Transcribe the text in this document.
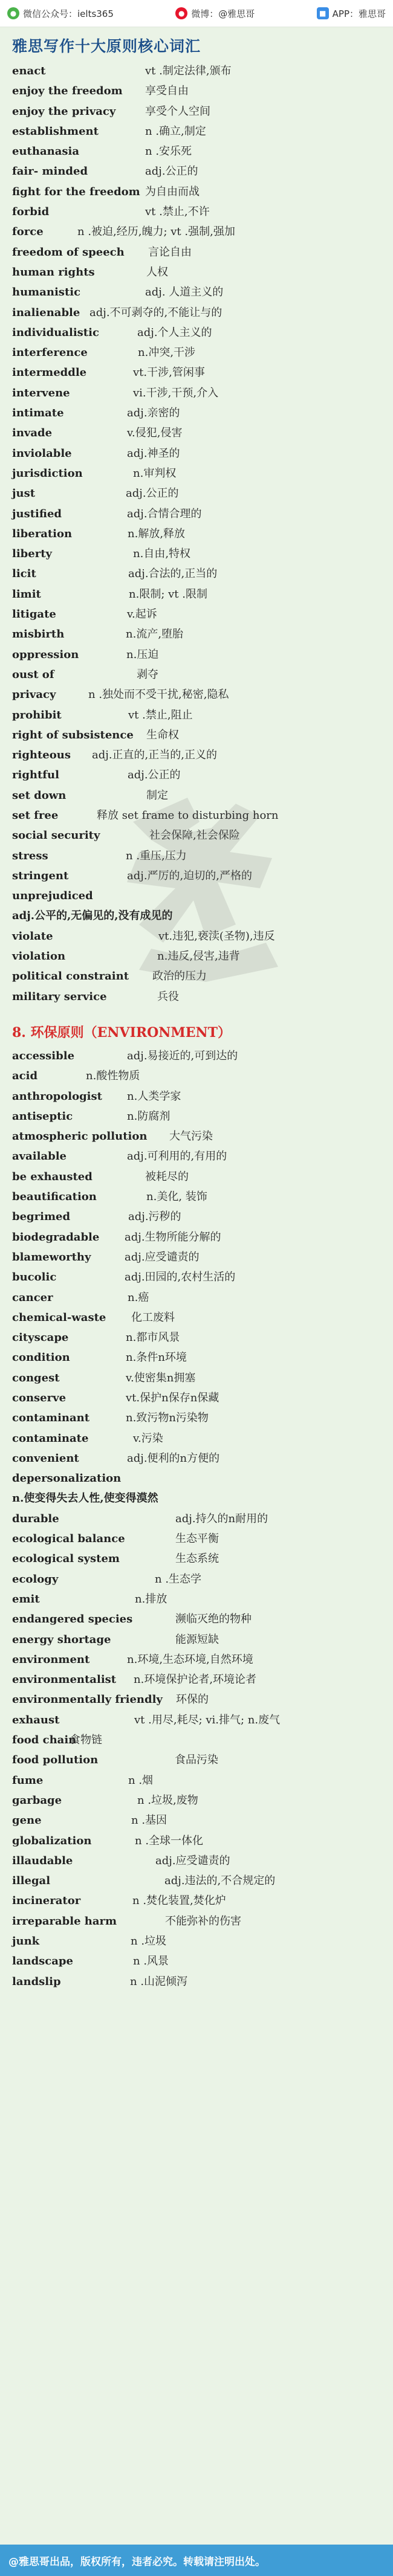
● 微信公众号：ielts365	● 微博：@雅思哥	■ APP：雅思哥
雅思写作十大原则核心词汇
enact	vt .制定法律,颁布
enjoy the freedom 享受自由
enjoy the privacy	享受个人空间
establishment	n .确立,制定
euthanasia	n .安乐死
fair- minded	adj.公正的
fight for the freedom 为自由而战
forbid	vt .禁止,不许
force	n .被迫,经历,魄力; vt .强制,强加
freedom of speech 言论自由
human rights	人权
humanistic	adj. 人道主义的
inalienable adj.不可剥夺的,不能让与的
individualistic	adj.个人主义的
interference	n.冲突,干涉
intermeddle	vt.干涉,管闲事
intervene	vi.干涉,干预,介入
intimate	adj.亲密的
invade	v.侵犯,侵害
inviolable	adj.神圣的
jurisdiction	n.审判权
just	adj.公正的
justified	adj.合情合理的
liberation	n.解放,释放
liberty	n.自由,特权
licit	adj.合法的,正当的
limit	n.限制; vt .限制
litigate	v.起诉
misbirth	n.流产,堕胎
oppression	n.压迫
oust of	剥夺
privacy	n .独处而不受干扰,秘密,隐私
prohibit	vt .禁止,阻止
right of subsistence 生命权
righteous adj.正直的,正当的,正义的
rightful	adj.公正的
set down	制定
set free	释放 set frame to disturbing horn
social security	社会保障,社会保险
stress	n .重压,压力
stringent	adj.严厉的,迫切的,严格的
unprejudiced
adj.公平的,无偏见的,没有成见的
violate	vt.违犯,亵渎(圣物),违反
violation	n.违反,侵害,违背
political constraint 政治的压力
military service	兵役
8. 环保原则（ENVIRONMENT）
accessible	adj.易接近的,可到达的
acid	n.酸性物质
anthropologist n.人类学家
antiseptic	n.防腐剂
atmospheric pollution 大气污染
available	adj.可利用的,有用的
be exhausted	被耗尽的
beautification	n.美化, 装饰
begrimed	adj.污秽的
biodegradable adj.生物所能分解的
blameworthy	adj.应受谴责的
bucolic	adj.田园的,农村生活的
cancer	n.癌
chemical-waste 化工废料
cityscape	n.都市风景
condition	n.条件n环境
congest	v.使密集n拥塞
conserve	vt.保护n保存n保藏
contaminant	n.致污物n污染物
contaminate	v.污染
convenient	adj.便利的n方便的
depersonalization
n.使变得失去人性,使变得漠然
durable	adj.持久的n耐用的
ecological balance	生态平衡
ecological system	生态系统
ecology	n .生态学
emit	n.排放
endangered species	濒临灭绝的物种
energy shortage	能源短缺
environment	n.环境,生态环境,自然环境
environmentalist n.环境保护论者,环境论者
environmentally friendly 环保的
exhaust	vt .用尽,耗尽; vi.排气; n.废气
food chain
食物链
food pollution	食品污染
fume	n .烟
garbage	n .垃圾,废物
gene	n .基因
globalization	n .全球一体化
illaudable	adj.应受谴责的
illegal	adj.违法的,不合规定的
incinerator	n .焚化装置,焚化炉
irreparable harm	不能弥补的伤害
junk	n .垃圾
landscape	n .风景
landslip	n .山泥倾泻
@雅思哥出品，版权所有，违者必究。转载请注明出处。
